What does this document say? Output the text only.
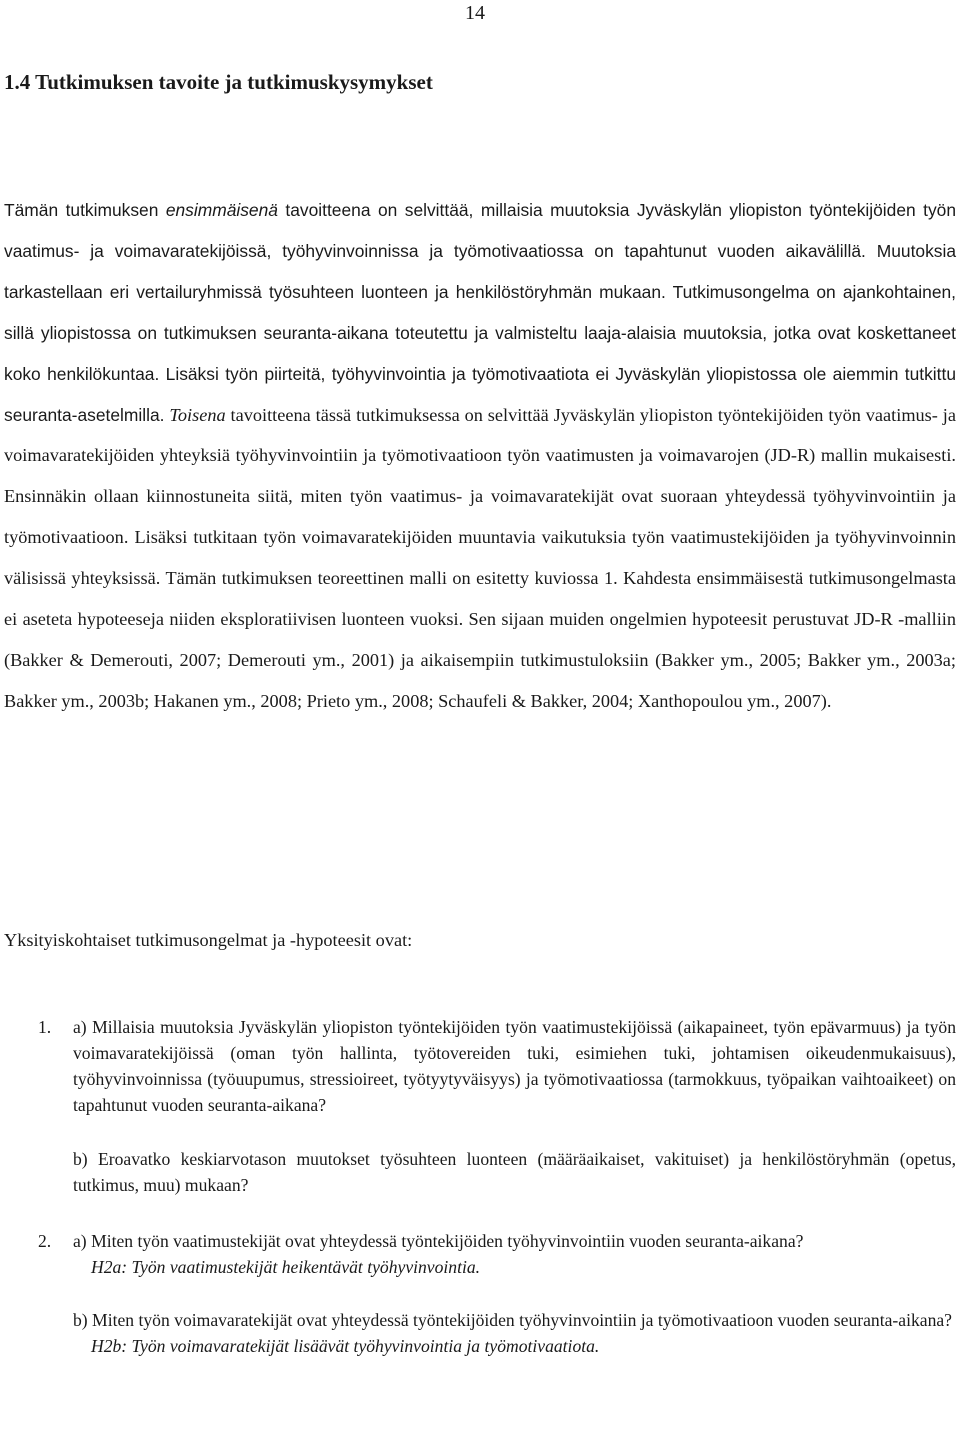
14
1.4 Tutkimuksen tavoite ja tutkimuskysymykset

Tämän tutkimuksen ensimmäisenä tavoitteena on selvittää, millaisia muutoksia Jyväskylän yliopiston työntekijöiden työn vaatimus- ja voimavaratekijöissä, työhyvinvoinnissa ja työmotivaatiossa on tapahtunut vuoden aikavälillä. Muutoksia tarkastellaan eri vertailuryhmissä työsuhteen luonteen ja henkilöstöryhmän mukaan. Tutkimusongelma on ajankohtainen, sillä yliopistossa on tutkimuksen seuranta-aikana toteutettu ja valmisteltu laaja-alaisia muutoksia, jotka ovat koskettaneet koko henkilökuntaa. Lisäksi työn piirteitä, työhyvinvointia ja työmotivaatiota ei Jyväskylän yliopistossa ole aiemmin tutkittu seuranta-asetelmilla. Toisena tavoitteena tässä tutkimuksessa on selvittää Jyväskylän yliopiston työntekijöiden työn vaatimus- ja voimavaratekijöiden yhteyksiä työhyvinvointiin ja työmotivaatioon työn vaatimusten ja voimavarojen (JD-R) mallin mukaisesti. Ensinnäkin ollaan kiinnostuneita siitä, miten työn vaatimus- ja voimavaratekijät ovat suoraan yhteydessä työhyvinvointiin ja työmotivaatioon. Lisäksi tutkitaan työn voimavaratekijöiden muuntavia vaikutuksia työn vaatimustekijöiden ja työhyvinvoinnin välisissä yhteyksissä. Tämän tutkimuksen teoreettinen malli on esitetty kuviossa 1. Kahdesta ensimmäisestä tutkimusongelmasta ei aseteta hypoteeseja niiden eksploratiivisen luonteen vuoksi. Sen sijaan muiden ongelmien hypoteesit perustuvat JD-R -malliin (Bakker & Demerouti, 2007; Demerouti ym., 2001) ja aikaisempiin tutkimustuloksiin (Bakker ym., 2005; Bakker ym., 2003a; Bakker ym., 2003b; Hakanen ym., 2008; Prieto ym., 2008; Schaufeli & Bakker, 2004; Xanthopoulou ym., 2007).

Yksityiskohtaiset tutkimusongelmat ja -hypoteesit ovat:

1. a) Millaisia muutoksia Jyväskylän yliopiston työntekijöiden työn vaatimustekijöissä (aikapaineet, työn epävarmuus) ja työn voimavaratekijöissä (oman työn hallinta, työtovereiden tuki, esimiehen tuki, johtamisen oikeudenmukaisuus), työhyvinvoinnissa (työuupumus, stressioireet, työtyytyväisyys) ja työmotivaatiossa (tarmokkuus, työpaikan vaihtoaikeet) on tapahtunut vuoden seuranta-aikana?

b) Eroavatko keskiarvotason muutokset työsuhteen luonteen (määräaikaiset, vakituiset) ja henkilöstöryhmän (opetus, tutkimus, muu) mukaan?

2. a) Miten työn vaatimustekijät ovat yhteydessä työntekijöiden työhyvinvointiin vuoden seuranta-aikana?

H2a: Työn vaatimustekijät heikentävät työhyvinvointia.

b) Miten työn voimavaratekijät ovat yhteydessä työntekijöiden työhyvinvointiin ja työmotivaatioon vuoden seuranta-aikana?

H2b: Työn voimavaratekijät lisäävät työhyvinvointia ja työmotivaatiota.
